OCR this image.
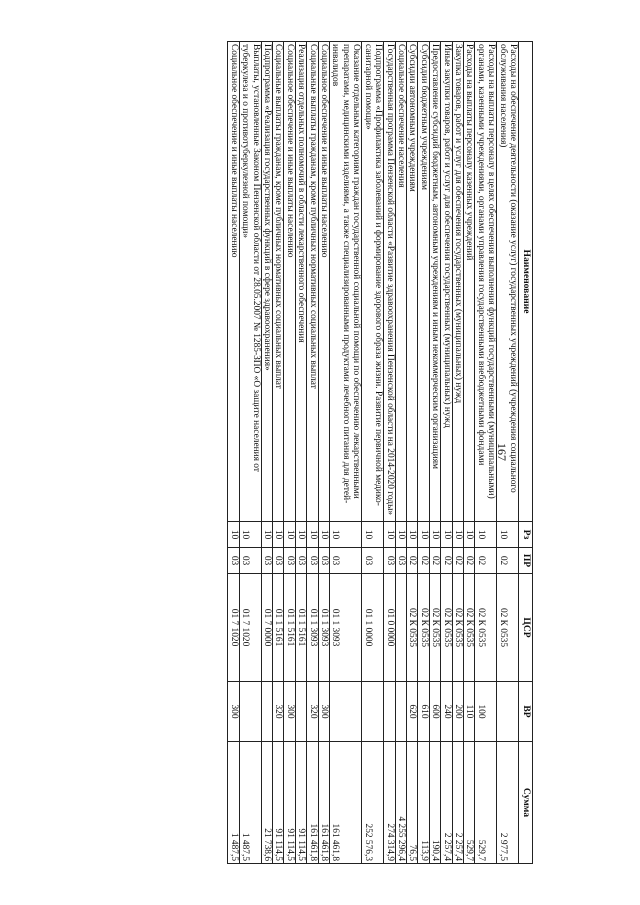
167
Наименование	Рз	ПР	ЦСР	ВР	Сумма
Расходы на обеспечение деятельности (оказание услуг) государственных учреждений (учреждения социального обслуживания населения)	10	02	02 К 0535		2 977,5
Расходы на выплаты персоналу в целях обеспечения выполнения функций государственными (муниципальными) органами, казенными учреждениями, органами управления государственными внебюджетными фондами	10	02	02 К 0535	100	529,7
Расходы на выплаты персоналу казенных учреждений	10	02	02 К 0535	110	529,7
Закупка товаров, работ и услуг для обеспечения государственных (муниципальных) нужд	10	02	02 К 0535	200	2 257,4
Иные закупки товаров, работ и услуг для обеспечения государственных (муниципальных) нужд	10	02	02 К 0535	240	2 257,4
Предоставление субсидий бюджетным, автономным учреждениям и иным некоммерческим организациям	10	02	02 К 0535	600	190,4
Субсидии бюджетным учреждениям	10	02	02 К 0535	610	113,9
Субсидии автономным учреждениям	10	02	02 К 0535	620	76,5
Социальное обеспечение населения	10	03			4 255 296,4
Государственная программа Пензенской области «Развитие здравоохранения Пензенской области на 2014-2020 годы»	10	03	01 0 0000		274 314,9
Подпрограмма «Профилактика заболеваний и формирование здорового образа жизни. Развитие первичной медико-санитарной помощи»	10	03	01 1 0000		252 576,3
Оказание отдельным категориям граждан государственной социальной помощи по обеспечению лекарственными препаратами, медицинскими изделиями, а также специализированными продуктами лечебного питания для детей-инвалидов	10	03	01 1 3093		161 461,8
Социальное обеспечение и иные выплаты населению	10	03	01 1 3093	300	161 461,8
Социальные выплаты гражданам, кроме публичных нормативных социальных выплат	10	03	01 1 3093	320	161 461,8
Реализация отдельных полномочий в области лекарственного обеспечения	10	03	01 1 5161		91 114,5
Социальное обеспечение и иные выплаты населению	10	03	01 1 5161	300	91 114,5
Социальные выплаты гражданам, кроме публичных нормативных социальных выплат	10	03	01 1 5161	320	91 114,5
Подпрограмма «Реализация государственных функций в сфере здравоохранения»	10	03	01 7 0000		21 738,6
Выплаты, установленные Законом Пензенской области от 28.05.2007 № 1285-ЗПО «О защите населения от туберкулеза и о противотуберкулезной помощи»	10	03	01 7 1020		1 487,5
Социальное обеспечение и иные выплаты населению	10	03	01 7 1020	300	1 487,5
